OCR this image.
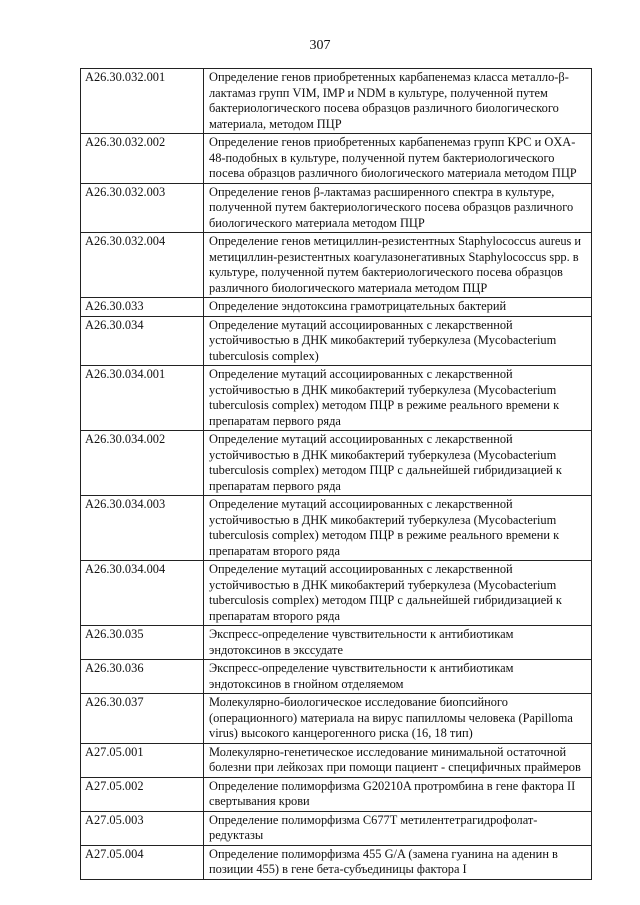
307
A26.30.032.001	Определение генов приобретенных карбапенемаз класса металло-β-лактамаз групп VIM, IMP и NDM в культуре, полученной путем бактериологического посева образцов различного биологического материала, методом ПЦР
A26.30.032.002	Определение генов приобретенных карбапенемаз групп KPC и OXA-48-подобных в культуре, полученной путем бактериологического посева образцов различного биологического материала методом ПЦР
A26.30.032.003	Определение генов β-лактамаз расширенного спектра в культуре, полученной путем бактериологического посева образцов различного биологического материала методом ПЦР
A26.30.032.004	Определение генов метициллин-резистентных Staphylococcus aureus и метициллин-резистентных коагулазонегативных Staphylococcus spp. в культуре, полученной путем бактериологического посева образцов различного биологического материала методом ПЦР
A26.30.033	Определение эндотоксина грамотрицательных бактерий
A26.30.034	Определение мутаций ассоциированных с лекарственной устойчивостью в ДНК микобактерий туберкулеза (Mycobacterium tuberculosis complex)
A26.30.034.001	Определение мутаций ассоциированных с лекарственной устойчивостью в ДНК микобактерий туберкулеза (Mycobacterium tuberculosis complex) методом ПЦР в режиме реального времени к препаратам первого ряда
A26.30.034.002	Определение мутаций ассоциированных с лекарственной устойчивостью в ДНК микобактерий туберкулеза (Mycobacterium tuberculosis complex) методом ПЦР с дальнейшей гибридизацией к препаратам первого ряда
A26.30.034.003	Определение мутаций ассоциированных с лекарственной устойчивостью в ДНК микобактерий туберкулеза (Mycobacterium tuberculosis complex) методом ПЦР в режиме реального времени к препаратам второго ряда
A26.30.034.004	Определение мутаций ассоциированных с лекарственной устойчивостью в ДНК микобактерий туберкулеза (Mycobacterium tuberculosis complex) методом ПЦР с дальнейшей гибридизацией к препаратам второго ряда
A26.30.035	Экспресс-определение чувствительности к антибиотикам эндотоксинов в экссудате
A26.30.036	Экспресс-определение чувствительности к антибиотикам эндотоксинов в гнойном отделяемом
A26.30.037	Молекулярно-биологическое исследование биопсийного (операционного) материала на вирус папилломы человека (Papilloma virus) высокого канцерогенного риска (16, 18 тип)
A27.05.001	Молекулярно-генетическое исследование минимальной остаточной болезни при лейкозах при помощи пациент - специфичных праймеров
A27.05.002	Определение полиморфизма G20210A протромбина в гене фактора II свертывания крови
A27.05.003	Определение полиморфизма C677T метилентетрагидрофолат-редуктазы
A27.05.004	Определение полиморфизма 455 G/A (замена гуанина на аденин в позиции 455) в гене бета-субъединицы фактора I
